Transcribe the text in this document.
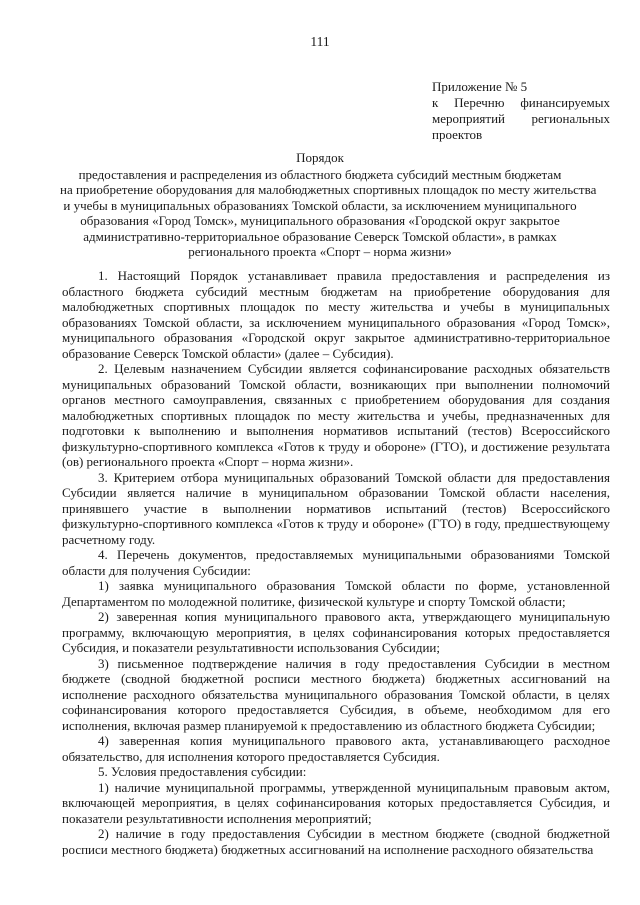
111
Приложение № 5
к Перечню финансируемых
мероприятий региональных
проектов
Порядок
предоставления и распределения из областного бюджета субсидий местным бюджетам
на приобретение оборудования для малобюджетных спортивных площадок по месту жительства
и учебы в муниципальных образованиях Томской области, за исключением муниципального
образования «Город Томск», муниципального образования «Городской округ закрытое
административно-территориальное образование Северск Томской области», в рамках
регионального проекта «Спорт – норма жизни»

1. Настоящий Порядок устанавливает правила предоставления и распределения из областного бюджета субсидий местным бюджетам на приобретение оборудования для малобюджетных спортивных площадок по месту жительства и учебы в муниципальных образованиях Томской области, за исключением муниципального образования «Город Томск», муниципального образования «Городской округ закрытое административно-территориальное образование Северск Томской области» (далее – Субсидия).

2. Целевым назначением Субсидии является софинансирование расходных обязательств муниципальных образований Томской области, возникающих при выполнении полномочий органов местного самоуправления, связанных с приобретением оборудования для создания малобюджетных спортивных площадок по месту жительства и учебы, предназначенных для подготовки к выполнению и выполнения нормативов испытаний (тестов) Всероссийского физкультурно-спортивного комплекса «Готов к труду и обороне» (ГТО), и достижение результата (ов) регионального проекта «Спорт – норма жизни».

3. Критерием отбора муниципальных образований Томской области для предоставления Субсидии является наличие в муниципальном образовании Томской области населения, принявшего участие в выполнении нормативов испытаний (тестов) Всероссийского физкультурно-спортивного комплекса «Готов к труду и обороне» (ГТО) в году, предшествующему расчетному году.

4. Перечень документов, предоставляемых муниципальными образованиями Томской области для получения Субсидии:

1) заявка муниципального образования Томской области по форме, установленной Департаментом по молодежной политике, физической культуре и спорту Томской области;

2) заверенная копия муниципального правового акта, утверждающего муниципальную программу, включающую мероприятия, в целях софинансирования которых предоставляется Субсидия, и показатели результативности использования Субсидии;

3) письменное подтверждение наличия в году предоставления Субсидии в местном бюджете (сводной бюджетной росписи местного бюджета) бюджетных ассигнований на исполнение расходного обязательства муниципального образования Томской области, в целях софинансирования которого предоставляется Субсидия, в объеме, необходимом для его исполнения, включая размер планируемой к предоставлению из областного бюджета Субсидии;

4) заверенная копия муниципального правового акта, устанавливающего расходное обязательство, для исполнения которого предоставляется Субсидия.

5. Условия предоставления субсидии:

1) наличие муниципальной программы, утвержденной муниципальным правовым актом, включающей мероприятия, в целях софинансирования которых предоставляется Субсидия, и показатели результативности исполнения мероприятий;

2) наличие в году предоставления Субсидии в местном бюджете (сводной бюджетной росписи местного бюджета) бюджетных ассигнований на исполнение расходного обязательства
